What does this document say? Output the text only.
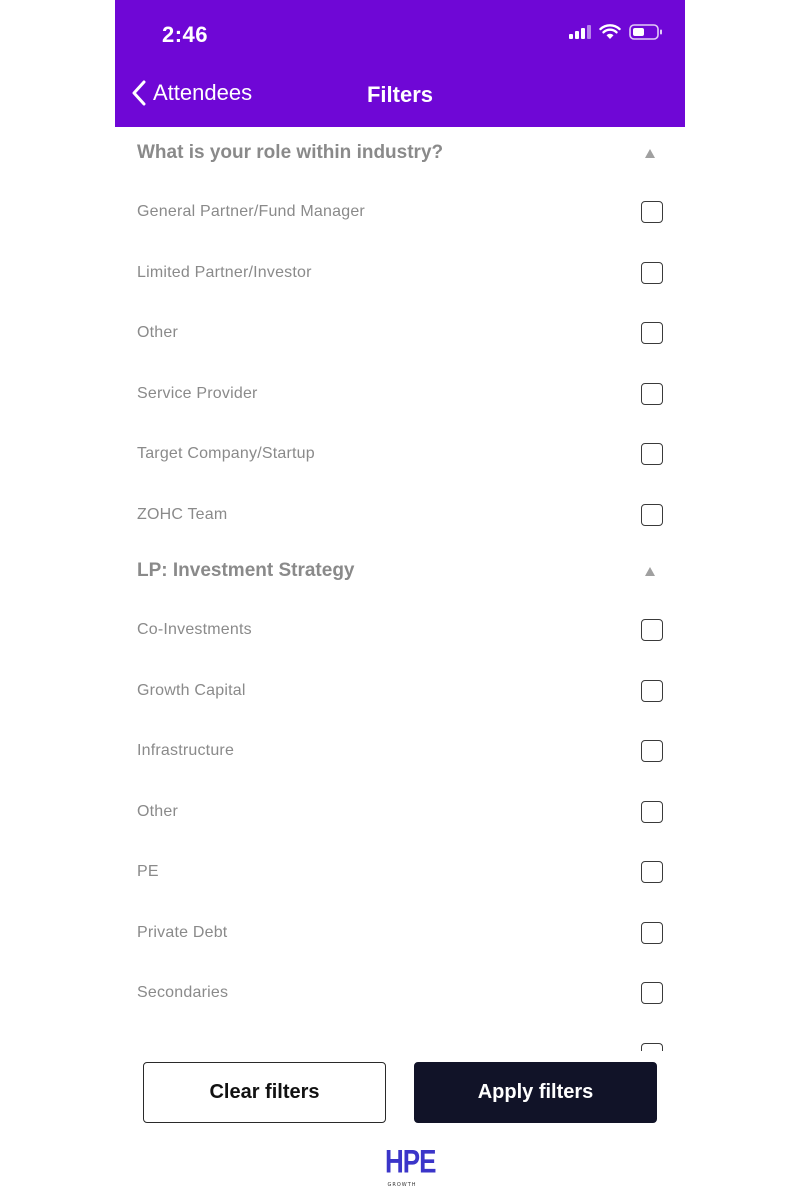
2:46
Attendees	Filters
What is your role within industry?
General Partner/Fund Manager
Limited Partner/Investor
Other
Service Provider
Target Company/Startup
ZOHC Team
LP: Investment Strategy
Co-Investments
Growth Capital
Infrastructure
Other
PE
Private Debt
Secondaries
Clear filters	Apply filters
HPE
GROWTH
